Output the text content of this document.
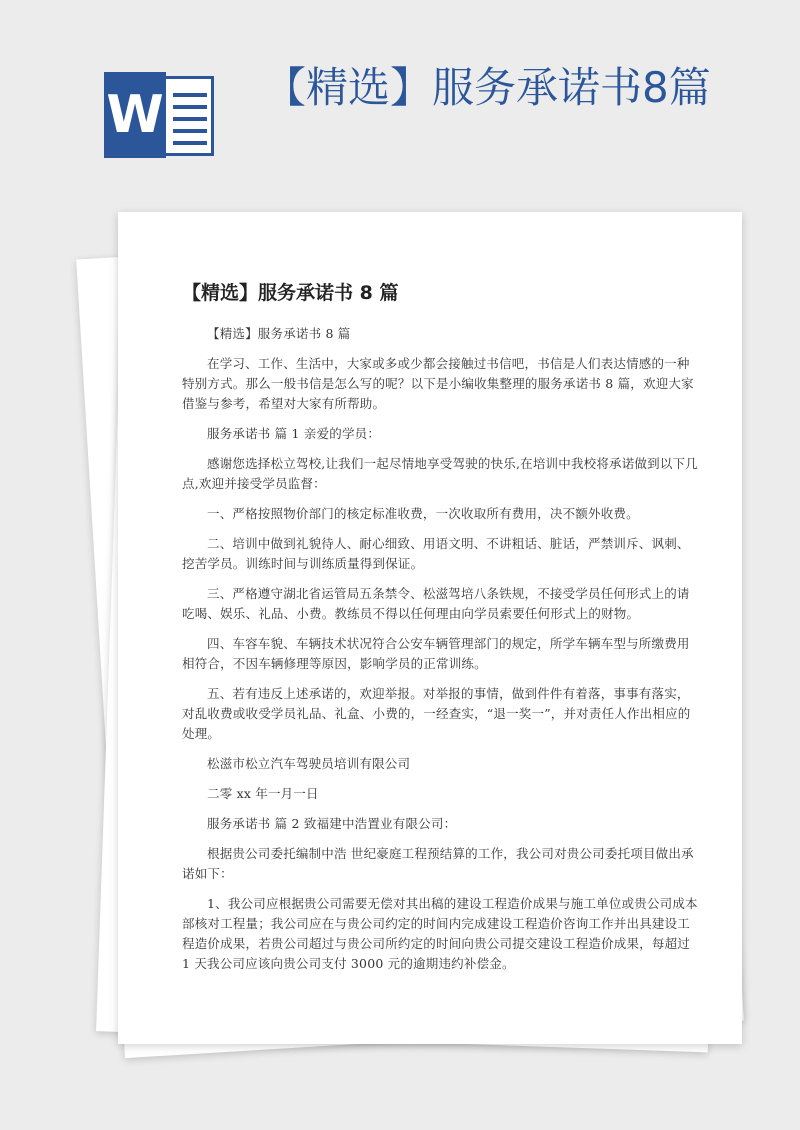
W 【精选】服务承诺书8篇
【精选】服务承诺书 8 篇

【精选】服务承诺书 8 篇

在学习、工作、生活中，大家或多或少都会接触过书信吧，书信是人们表达情感的一种特别方式。那么一般书信是怎么写的呢？以下是小编收集整理的服务承诺书 8 篇，欢迎大家借鉴与参考，希望对大家有所帮助。

服务承诺书 篇 1 亲爱的学员：

感谢您选择松立驾校,让我们一起尽情地享受驾驶的快乐,在培训中我校将承诺做到以下几点,欢迎并接受学员监督：

一、严格按照物价部门的核定标准收费，一次收取所有费用，决不额外收费。

二、培训中做到礼貌待人、耐心细致、用语文明、不讲粗话、脏话，严禁训斥、讽刺、挖苦学员。训练时间与训练质量得到保证。

三、严格遵守湖北省运管局五条禁令、松滋驾培八条铁规，不接受学员任何形式上的请吃喝、娱乐、礼品、小费。教练员不得以任何理由向学员索要任何形式上的财物。

四、车容车貌、车辆技术状况符合公安车辆管理部门的规定，所学车辆车型与所缴费用相符合，不因车辆修理等原因，影响学员的正常训练。

五、若有违反上述承诺的，欢迎举报。对举报的事情，做到件件有着落，事事有落实，对乱收费或收受学员礼品、礼盒、小费的，一经查实，“退一奖一”，并对责任人作出相应的处理。

松滋市松立汽车驾驶员培训有限公司

二零 xx 年一月一日

服务承诺书 篇 2 致福建中浩置业有限公司：

根据贵公司委托编制中浩 世纪豪庭工程预结算的工作，我公司对贵公司委托项目做出承诺如下：

1、我公司应根据贵公司需要无偿对其出稿的建设工程造价成果与施工单位或贵公司成本部核对工程量；我公司应在与贵公司约定的时间内完成建设工程造价咨询工作并出具建设工程造价成果，若贵公司超过与贵公司所约定的时间向贵公司提交建设工程造价成果，每超过 1 天我公司应该向贵公司支付 3000 元的逾期违约补偿金。
